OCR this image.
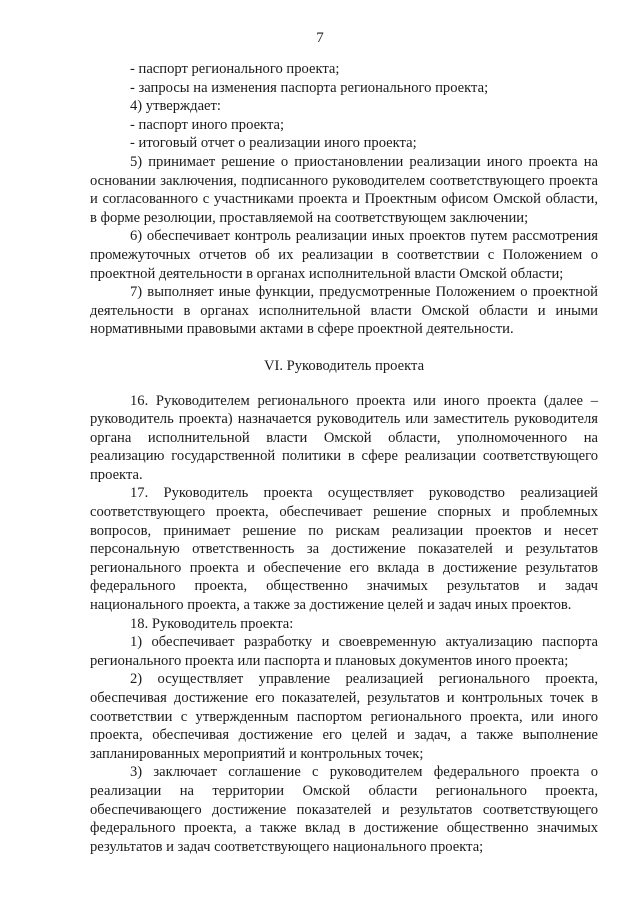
7

- паспорт регионального проекта;

- запросы на изменения паспорта регионального проекта;

4) утверждает:

- паспорт иного проекта;

- итоговый отчет о реализации иного проекта;

5) принимает решение о приостановлении реализации иного проекта на основании заключения, подписанного руководителем соответствующего проекта и согласованного с участниками проекта и Проектным офисом Омской области, в форме резолюции, проставляемой на соответствующем заключении;

6) обеспечивает контроль реализации иных проектов путем рассмотрения промежуточных отчетов об их реализации в соответствии с Положением о проектной деятельности в органах исполнительной власти Омской области;

7) выполняет иные функции, предусмотренные Положением о проектной деятельности в органах исполнительной власти Омской области и иными нормативными правовыми актами в сфере проектной деятельности.

VI. Руководитель проекта

16. Руководителем регионального проекта или иного проекта (далее – руководитель проекта) назначается руководитель или заместитель руководителя органа исполнительной власти Омской области, уполномоченного на реализацию государственной политики в сфере реализации соответствующего проекта.

17. Руководитель проекта осуществляет руководство реализацией соответствующего проекта, обеспечивает решение спорных и проблемных вопросов, принимает решение по рискам реализации проектов и несет персональную ответственность за достижение показателей и результатов регионального проекта и обеспечение его вклада в достижение результатов федерального проекта, общественно значимых результатов и задач национального проекта, а также за достижение целей и задач иных проектов.

18. Руководитель проекта:

1) обеспечивает разработку и своевременную актуализацию паспорта регионального проекта или паспорта и плановых документов иного проекта;

2) осуществляет управление реализацией регионального проекта, обеспечивая достижение его показателей, результатов и контрольных точек в соответствии с утвержденным паспортом регионального проекта, или иного проекта, обеспечивая достижение его целей и задач, а также выполнение запланированных мероприятий и контрольных точек;

3) заключает соглашение с руководителем федерального проекта о реализации на территории Омской области регионального проекта, обеспечивающего достижение показателей и результатов соответствующего федерального проекта, а также вклад в достижение общественно значимых результатов и задач соответствующего национального проекта;
